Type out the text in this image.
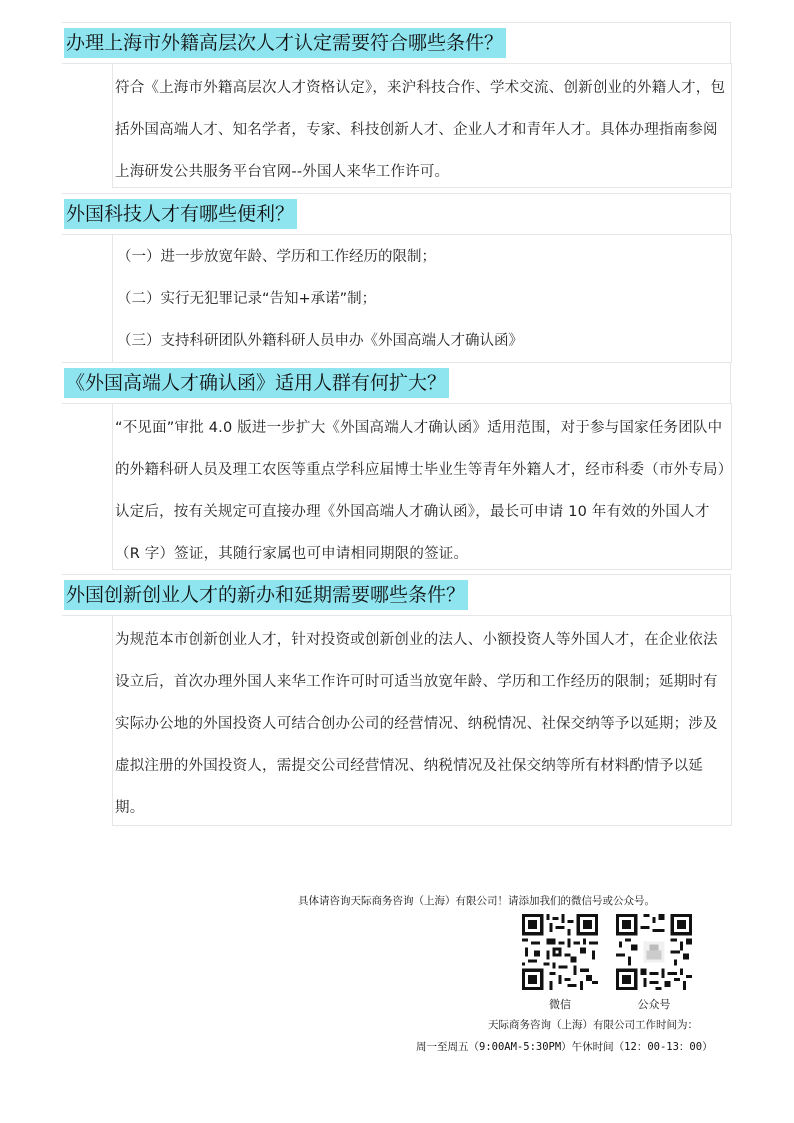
办理上海市外籍高层次人才认定需要符合哪些条件？

符合《上海市外籍高层次人才资格认定》，来沪科技合作、学术交流、创新创业的外籍人才，包括外国高端人才、知名学者，专家、科技创新人才、企业人才和青年人才。具体办理指南参阅上海研发公共服务平台官网--外国人来华工作许可。

外国科技人才有哪些便利？

（一）进一步放宽年龄、学历和工作经历的限制；

（二）实行无犯罪记录“告知+承诺”制；

（三）支持科研团队外籍科研人员申办《外国高端人才确认函》

《外国高端人才确认函》适用人群有何扩大？

“不见面”审批 4.0 版进一步扩大《外国高端人才确认函》适用范围，对于参与国家任务团队中的外籍科研人员及理工农医等重点学科应届博士毕业生等青年外籍人才，经市科委（市外专局）认定后，按有关规定可直接办理《外国高端人才确认函》，最长可申请 10 年有效的外国人才（R 字）签证，其随行家属也可申请相同期限的签证。

外国创新创业人才的新办和延期需要哪些条件？

为规范本市创新创业人才，针对投资或创新创业的法人、小额投资人等外国人才，在企业依法设立后，首次办理外国人来华工作许可时可适当放宽年龄、学历和工作经历的限制；延期时有实际办公地的外国投资人可结合创办公司的经营情况、纳税情况、社保交纳等予以延期；涉及虚拟注册的外国投资人，需提交公司经营情况、纳税情况及社保交纳等所有材料酌情予以延期。

具体请咨询天际商务咨询（上海）有限公司！请添加我们的微信号或公众号。
微信	公众号
天际商务咨询（上海）有限公司工作时间为：
周一至周五（9:00AM-5:30PM）午休时间（12：00-13：00）
